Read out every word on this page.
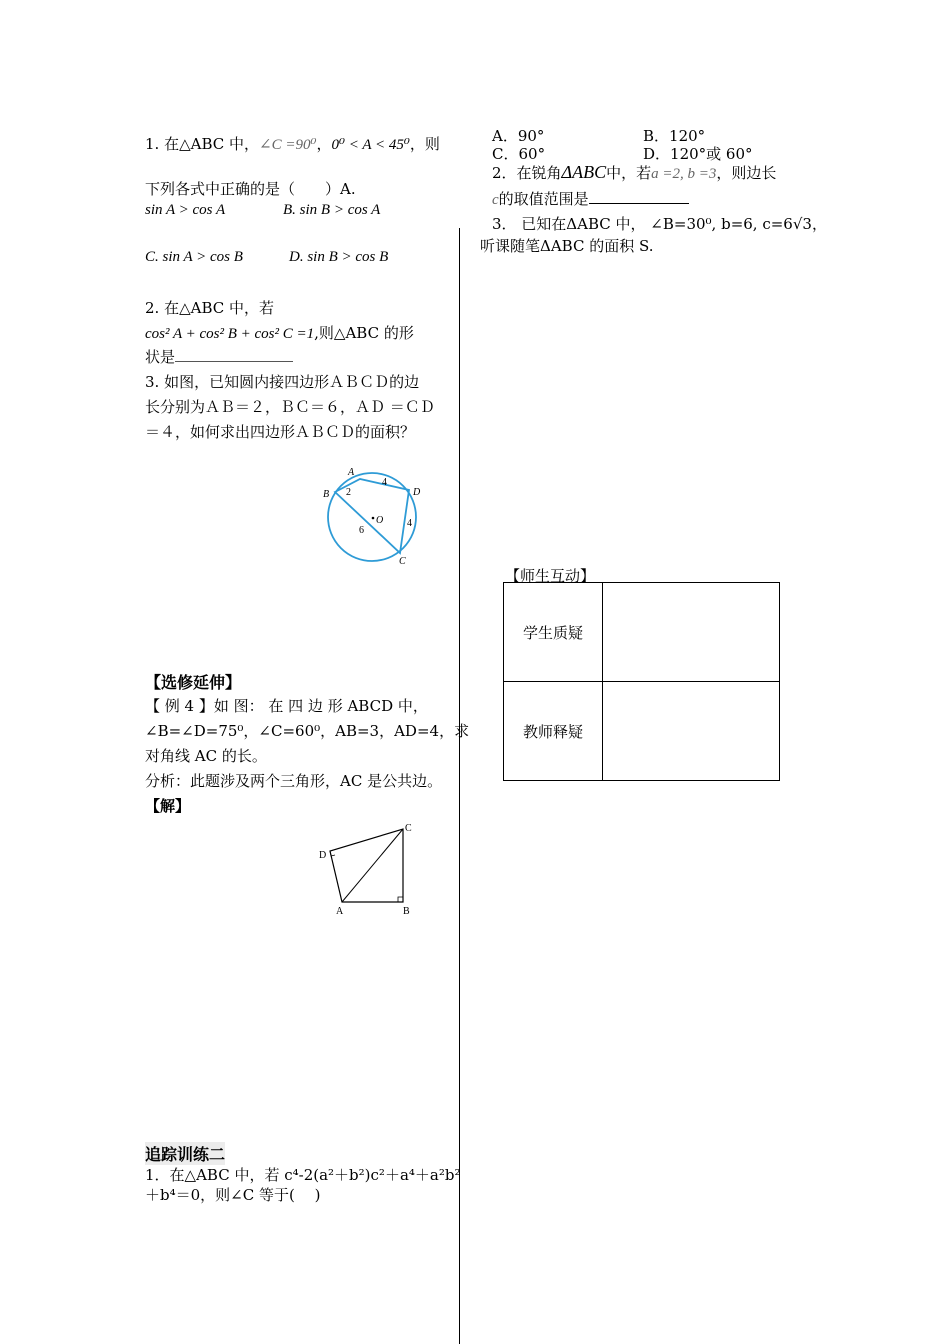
1. 在△ABC 中，∠C =90⁰，0⁰ < A < 45⁰，则
下列各式中正确的是（　　）A.
sin A > cos A	B. sin B > cos A
C. sin A > cos B	D. sin B > cos B
2. 在△ABC 中，若
cos² A + cos² B + cos² C =1,则△ABC 的形
状是
3. 如图，已知圆内接四边形ＡＢＣＤ的边
长分别为ＡＢ＝２，ＢＣ＝６，ＡＤ ＝ＣＤ
＝４，如何求出四边形ＡＢＣＤ的面积？
A
B	D
C
O
2
4
4
6
【选修延伸】
【 例 4 】如 图： 在 四 边 形 ABCD 中，
∠B=∠D=75⁰，∠C=60⁰，AB=3，AD=4，求
对角线 AC 的长。
分析：此题涉及两个三角形，AC 是公共边。
【解】
A	B
C
D
追踪训练二
1．在△ABC 中，若 c⁴-2(a²＋b²)c²＋a⁴＋a²b²
＋b⁴＝0，则∠C 等于(　 )
A．90°	B．120°
C．60°	D．120°或 60°
2．在锐角ΔABC中，若a =2, b =3，则边长
c的取值范围是
3． 已知在ΔABC 中， ∠B=30⁰, b=6, c=6√3，
听课随笔ΔABC 的面积 S.
【师生互动】
学生质疑	
教师释疑	
